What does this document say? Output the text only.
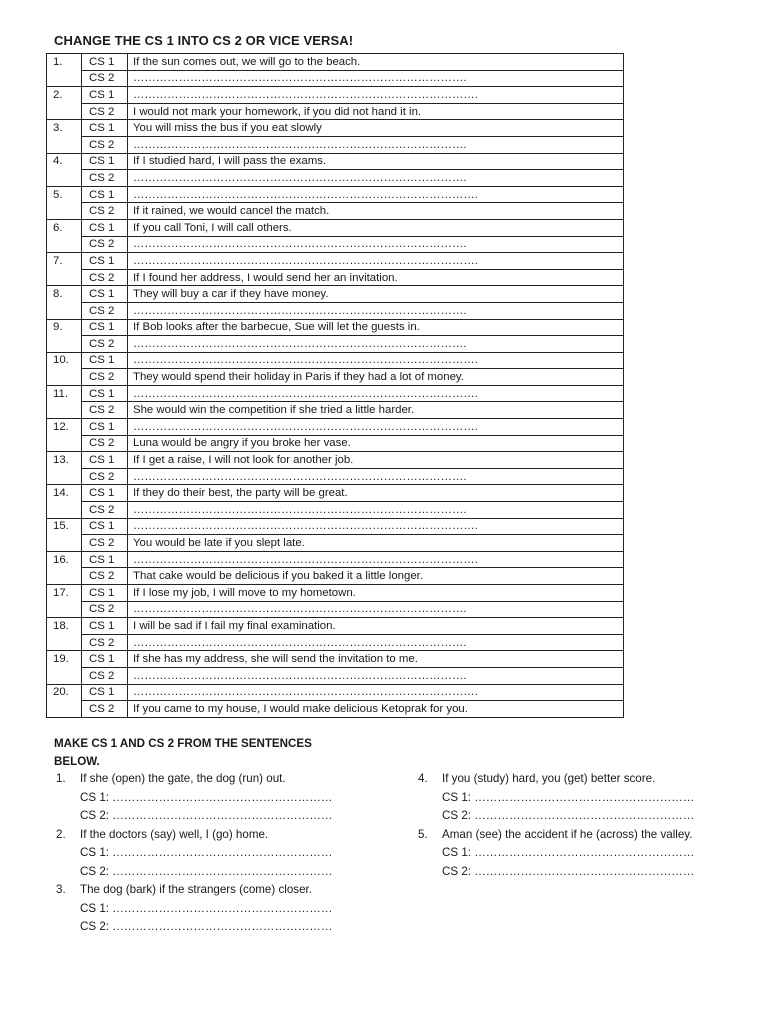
CHANGE THE CS 1 INTO CS 2 OR VICE VERSA!
1.	CS 1	If the sun comes out, we will go to the beach.
	CS 2	…………………………………………………………………………….
2.	CS 1	……………………………………………………………………………….
	CS 2	I would not mark your homework, if you did not hand it in.
3.	CS 1	You will miss the bus if you eat slowly
	CS 2	…………………………………………………………………………….
4.	CS 1	If I studied hard, I will pass the exams.
	CS 2	…………………………………………………………………………….
5.	CS 1	……………………………………………………………………………….
	CS 2	If it rained, we would cancel the match.
6.	CS 1	If you call Toni, I will call others.
	CS 2	…………………………………………………………………………….
7.	CS 1	……………………………………………………………………………….
	CS 2	If I found her address, I would send her an invitation.
8.	CS 1	They will buy a car if they have money.
	CS 2	…………………………………………………………………………….
9.	CS 1	If Bob looks after the barbecue, Sue will let the guests in.
	CS 2	…………………………………………………………………………….
10.	CS 1	……………………………………………………………………………….
	CS 2	They would spend their holiday in Paris if they had a lot of money.
11.	CS 1	……………………………………………………………………………….
	CS 2	She would win the competition if she tried a little harder.
12.	CS 1	……………………………………………………………………………….
	CS 2	Luna would be angry if you broke her vase.
13.	CS 1	If I get a raise, I will not look for another job.
	CS 2	…………………………………………………………………………….
14.	CS 1	If they do their best, the party will be great.
	CS 2	…………………………………………………………………………….
15.	CS 1	……………………………………………………………………………….
	CS 2	You would be late if you slept late.
16.	CS 1	……………………………………………………………………………….
	CS 2	That cake would be delicious if you baked it a little longer.
17.	CS 1	If I lose my job, I will move to my hometown.
	CS 2	…………………………………………………………………………….
18.	CS 1	I will be sad if I fail my final examination.
	CS 2	…………………………………………………………………………….
19.	CS 1	If she has my address, she will send the invitation to me.
	CS 2	…………………………………………………………………………….
20.	CS 1	……………………………………………………………………………….
	CS 2	If you came to my house, I would make delicious Ketoprak for you.
MAKE CS 1 AND CS 2 FROM THE SENTENCES BELOW.
1. If she (open) the gate, the dog (run) out.
CS 1: …………………………………………………
CS 2: …………………………………………………
2. If the doctors (say) well, I (go) home.
CS 1: …………………………………………………
CS 2: …………………………………………………
3. The dog (bark) if the strangers (come) closer.
CS 1: …………………………………………………
CS 2: …………………………………………………
4. If you (study) hard, you (get) better score.
CS 1: …………………………………………………
CS 2: …………………………………………………
5. Aman (see) the accident if he (across) the valley.
CS 1: …………………………………………………
CS 2: …………………………………………………
